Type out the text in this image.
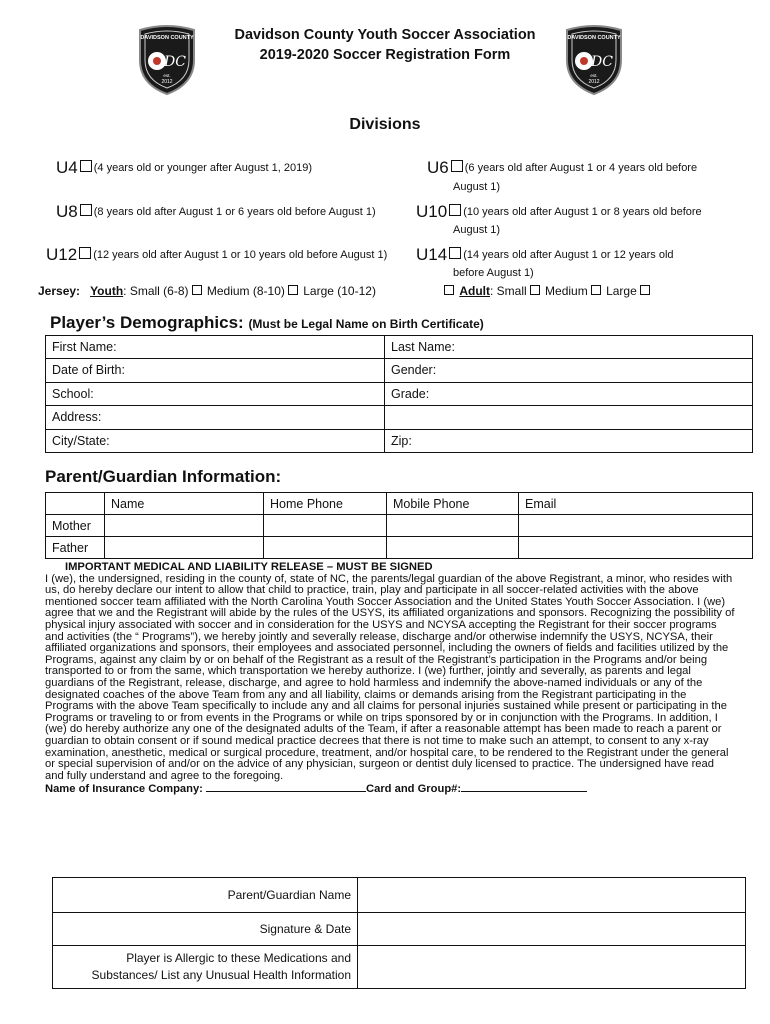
DAVIDSON COUNTY
DC
est.
2012
DAVIDSON COUNTY
DC
est.
2012
Davidson County Youth Soccer Association
2019-2020 Soccer Registration Form
Divisions
U4 (4 years old or younger after August 1, 2019)	U6 (6 years old after August 1 or 4 years old before
August 1)
U8 (8 years old after August 1 or 6 years old before August 1) U10 (10 years old after August 1 or 8 years old before
August 1)
U12 (12 years old after August 1 or 10 years old before August 1) U14 (14 years old after August 1 or 12 years old
before August 1)
Jersey: Youth: Small (6-8) Medium (8-10) Large (10-12)	Adult: Small Medium Large
Player’s Demographics: (Must be Legal Name on Birth Certificate)
First Name:	Last Name:
Date of Birth:	Gender:
School:	Grade:
Address:	
City/State:	Zip:
Parent/Guardian Information:
	Name	Home Phone	Mobile Phone	Email
Mother				
Father				
IMPORTANT MEDICAL AND LIABILITY RELEASE – MUST BE SIGNED
I (we), the undersigned, residing in the county of, state of NC, the parents/legal guardian of the above Registrant, a minor, who resides with us, do hereby declare our intent to allow that child to practice, train, play and participate in all soccer-related activities with the above mentioned soccer team affiliated with the North Carolina Youth Soccer Association and the United States Youth Soccer Association. I (we) agree that we and the Registrant will abide by the rules of the USYS, its affiliated organizations and sponsors. Recognizing the possibility of physical injury associated with soccer and in consideration for the USYS and NCYSA accepting the Registrant for their soccer programs and activities (the “ Programs”), we hereby jointly and severally release, discharge and/or otherwise indemnify the USYS, NCYSA, their affiliated organizations and sponsors, their employees and associated personnel, including the owners of fields and facilities utilized by the Programs, against any claim by or on behalf of the Registrant as a result of the Registrant’s participation in the Programs and/or being transported to or from the same, which transportation we hereby authorize. I (we) further, jointly and severally, as parents and legal guardians of the Registrant, release, discharge, and agree to hold harmless and indemnify the above-named individuals or any of the designated coaches of the above Team from any and all liability, claims or demands arising from the Registrant participating in the Programs with the above Team specifically to include any and all claims for personal injuries sustained while present or participating in the Programs or traveling to or from events in the Programs or while on trips sponsored by or in conjunction with the Programs. In addition, I (we) do hereby authorize any one of the designated adults of the Team, if after a reasonable attempt has been made to reach a parent or guardian to obtain consent or if sound medical practice decrees that there is not time to make such an attempt, to consent to any x-ray examination, anesthetic, medical or surgical procedure, treatment, and/or hospital care, to be rendered to the Registrant under the general or special supervision of and/or on the advice of any physician, surgeon or dentist duly licensed to practice. The undersigned have read and fully understand and agree to the foregoing.
Name of Insurance Company:	Card and Group#:
Parent/Guardian Name	
Signature & Date	

Player is Allergic to these Medications and
Substances/ List any Unusual Health Information	
